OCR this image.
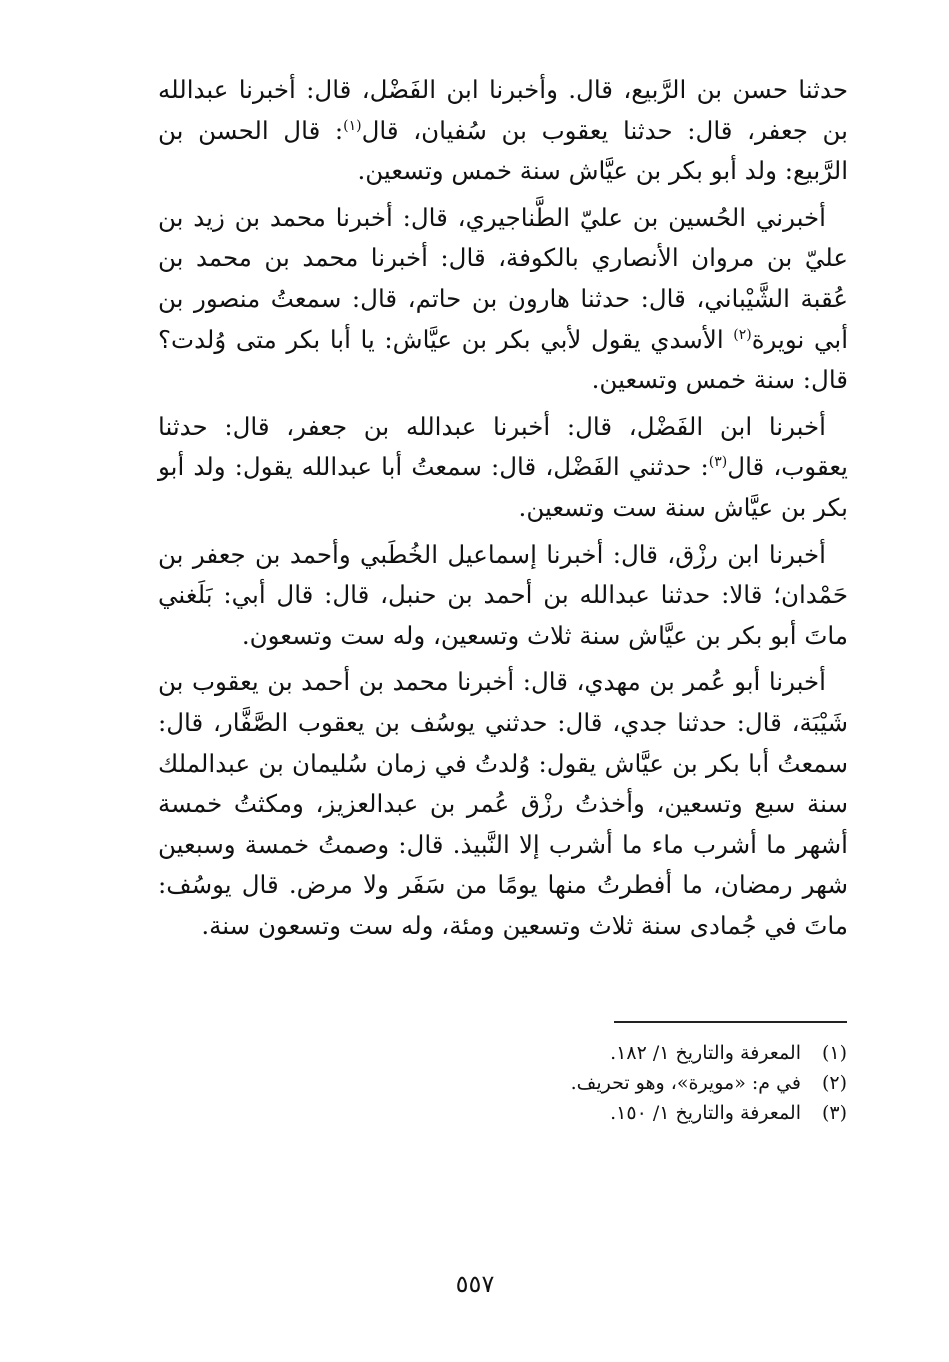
حدثنا حسن بن الرَّبيع، قال. وأخبرنا ابن الفَضْل، قال: أخبرنا عبدالله بن جعفر، قال: حدثنا يعقوب بن سُفيان، قال$^{(١)}$: قال الحسن بن الرَّبيع: ولد أبو بكر بن عيَّاش سنة خمس وتسعين.

أخبرني الحُسين بن عليّ الطَّناجيري، قال: أخبرنا محمد بن زيد بن عليّ بن مروان الأنصاري بالكوفة، قال: أخبرنا محمد بن محمد بن عُقبة الشَّيْباني، قال: حدثنا هارون بن حاتم، قال: سمعتُ منصور بن أبي نويرة$^{(٢)}$ الأسدي يقول لأبي بكر بن عيَّاش: يا أبا بكر متى وُلدت؟ قال: سنة خمس وتسعين.

أخبرنا ابن الفَضْل، قال: أخبرنا عبدالله بن جعفر، قال: حدثنا يعقوب، قال$^{(٣)}$: حدثني الفَضْل، قال: سمعتُ أبا عبدالله يقول: ولد أبو بكر بن عيَّاش سنة ست وتسعين.

أخبرنا ابن رزْق، قال: أخبرنا إسماعيل الخُطَبي وأحمد بن جعفر بن حَمْدان؛ قالا: حدثنا عبدالله بن أحمد بن حنبل، قال: قال أبي: بَلَغني ماتَ أبو بكر بن عيَّاش سنة ثلاث وتسعين، وله ست وتسعون.

أخبرنا أبو عُمر بن مهدي، قال: أخبرنا محمد بن أحمد بن يعقوب بن شَيْبَة، قال: حدثنا جدي، قال: حدثني يوسُف بن يعقوب الصَّفَّار، قال: سمعتُ أبا بكر بن عيَّاش يقول: وُلدتُ في زمان سُليمان بن عبدالملك سنة سبع وتسعين، وأخذتُ رزْق عُمر بن عبدالعزيز، ومكثتُ خمسة أشهر ما أشرب ماء ما أشرب إلا النَّبيذ. قال: وصمتُ خمسة وسبعين شهر رمضان، ما أفطرتُ منها يومًا من سَفَر ولا مرض. قال يوسُف: ماتَ في جُمادى سنة ثلاث وتسعين ومئة، وله ست وتسعون سنة.

(١)المعرفة والتاريخ ١/ ١٨٢.
(٢)في م: «مويرة»، وهو تحريف.
(٣)المعرفة والتاريخ ١/ ١٥٠.
٥٥٧
